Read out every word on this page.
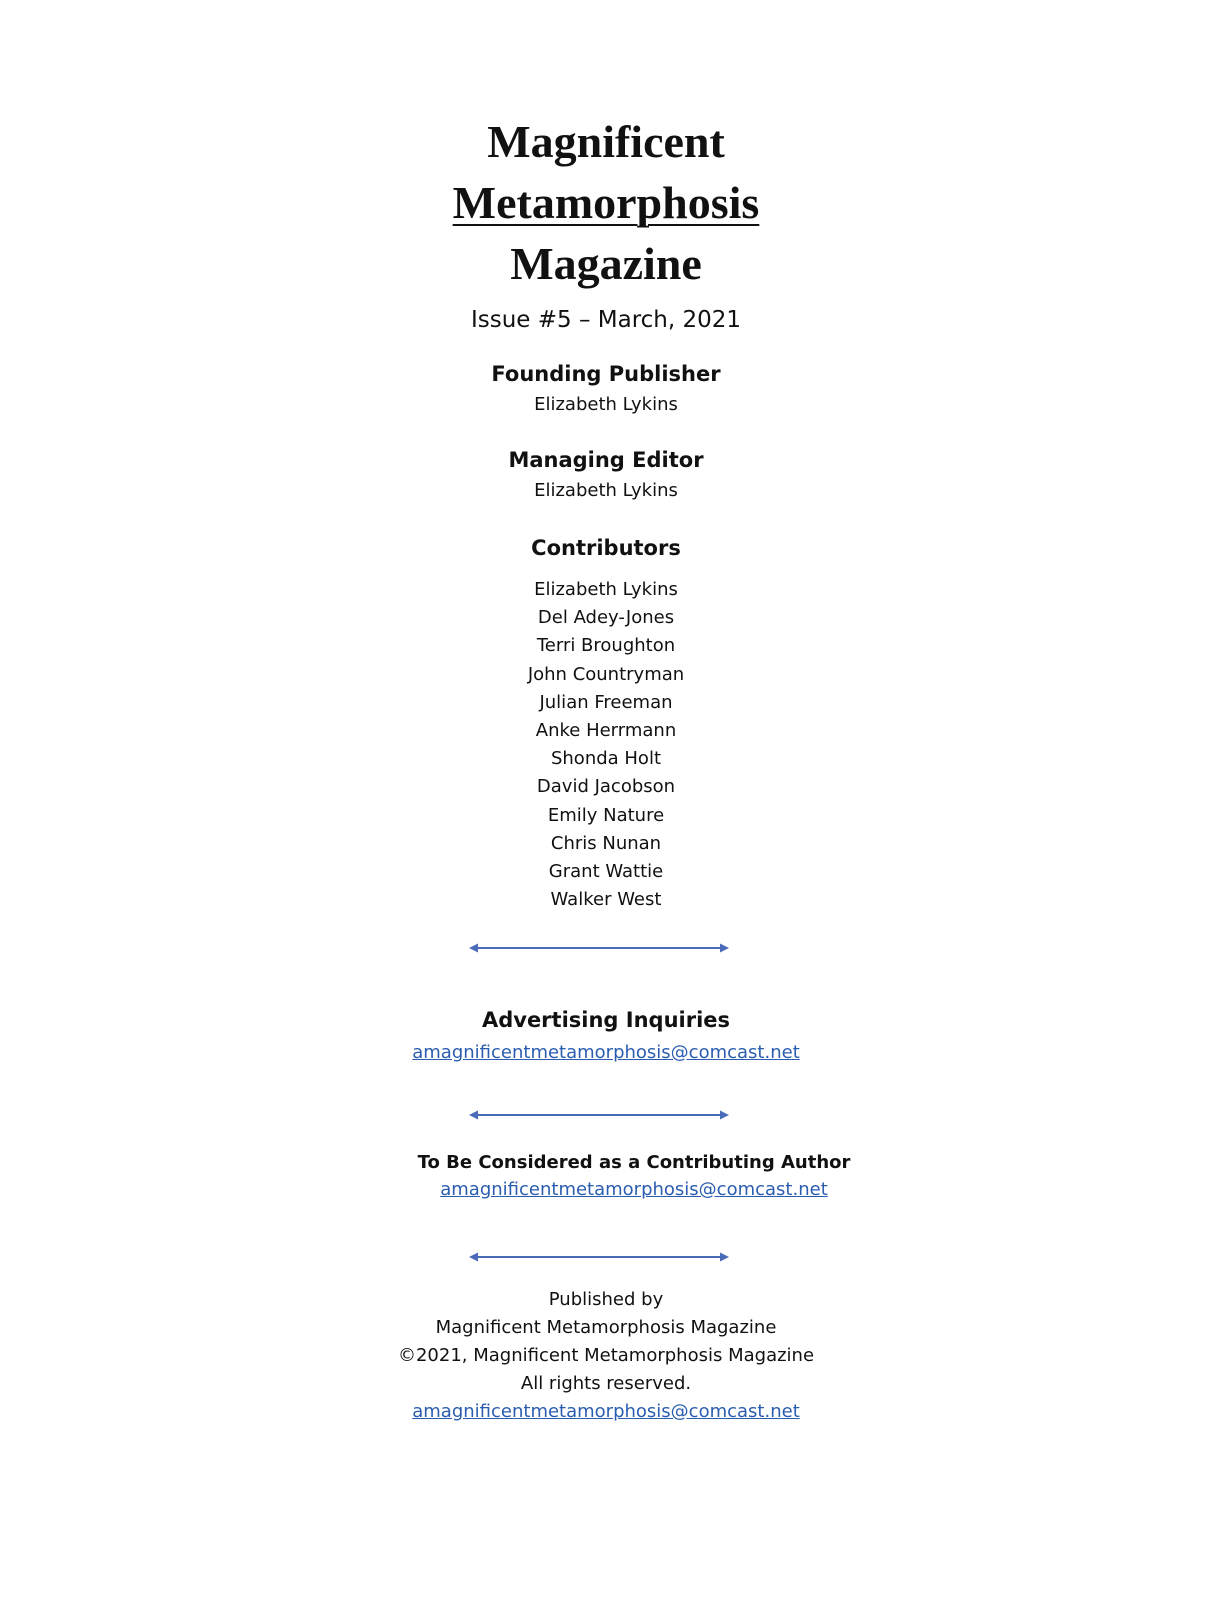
Magnificent
Metamorphosis
Magazine
Issue #5 – March, 2021
Founding Publisher
Elizabeth Lykins
Managing Editor
Elizabeth Lykins
Contributors
Elizabeth Lykins
Del Adey-Jones
Terri Broughton
John Countryman
Julian Freeman
Anke Herrmann
Shonda Holt
David Jacobson
Emily Nature
Chris Nunan
Grant Wattie
Walker West
Advertising Inquiries
amagnificentmetamorphosis@comcast.net
To Be Considered as a Contributing Author
amagnificentmetamorphosis@comcast.net
Published by
Magnificent Metamorphosis Magazine
©2021, Magnificent Metamorphosis Magazine
All rights reserved.
amagnificentmetamorphosis@comcast.net
